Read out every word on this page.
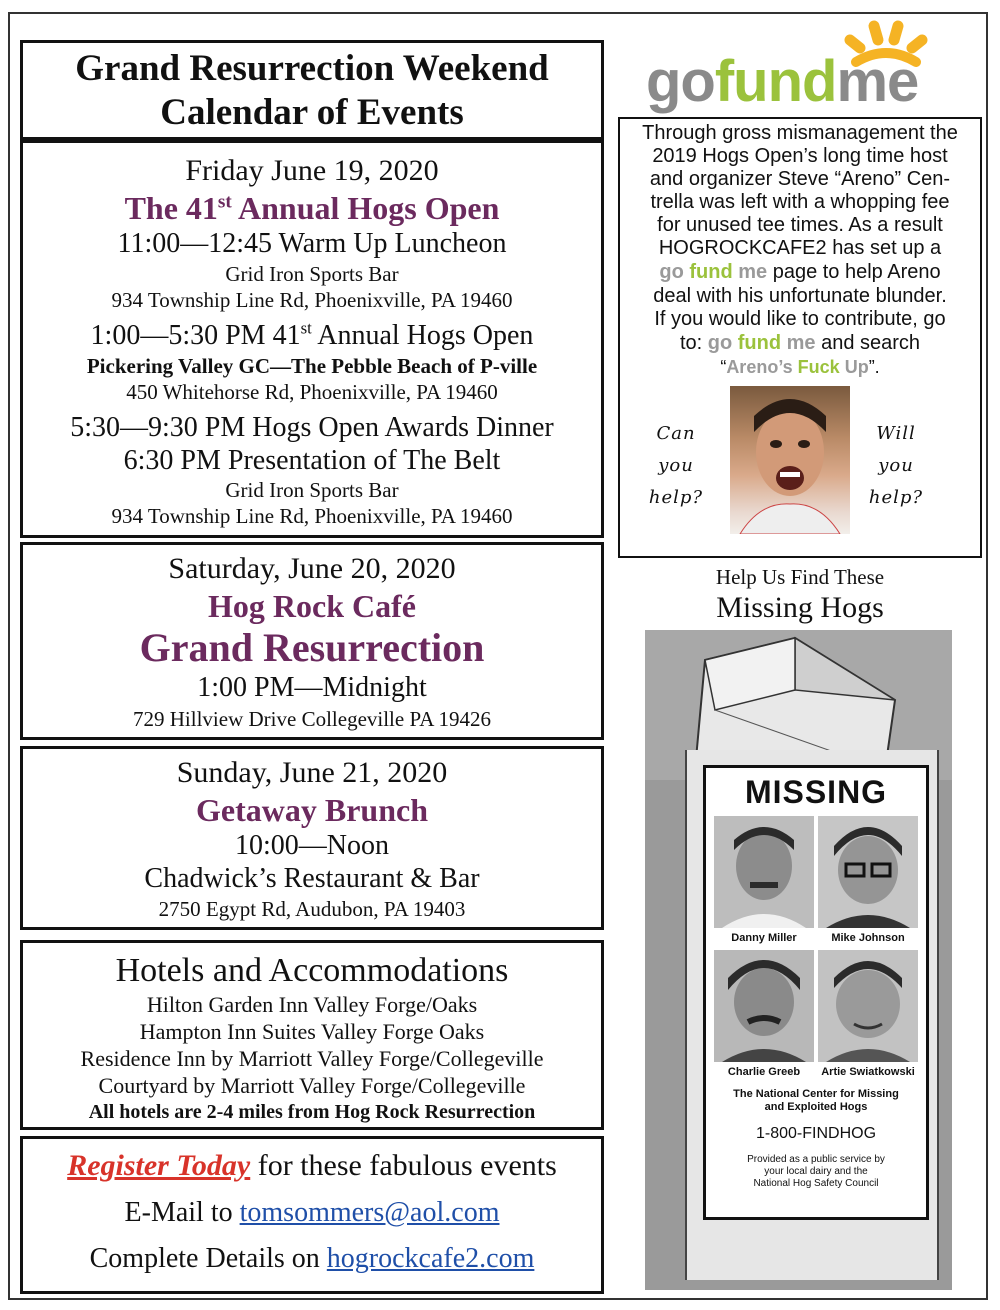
Grand Resurrection Weekend
Calendar of Events
Friday June 19, 2020
The 41st Annual Hogs Open
11:00—12:45 Warm Up Luncheon
Grid Iron Sports Bar
934 Township Line Rd, Phoenixville, PA 19460
1:00—5:30 PM 41st Annual Hogs Open
Pickering Valley GC—The Pebble Beach of P-ville
450 Whitehorse Rd, Phoenixville, PA 19460
5:30—9:30 PM Hogs Open Awards Dinner
6:30 PM Presentation of The Belt
Grid Iron Sports Bar
934 Township Line Rd, Phoenixville, PA 19460
Saturday, June 20, 2020
Hog Rock Café
Grand Resurrection
1:00 PM—Midnight
729 Hillview Drive Collegeville PA 19426
Sunday, June 21, 2020
Getaway Brunch
10:00—Noon
Chadwick’s Restaurant & Bar
2750 Egypt Rd, Audubon, PA 19403
Hotels and Accommodations
Hilton Garden Inn Valley Forge/Oaks
Hampton Inn Suites Valley Forge Oaks
Residence Inn by Marriott Valley Forge/Collegeville
Courtyard by Marriott Valley Forge/Collegeville
All hotels are 2-4 miles from Hog Rock Resurrection
Register Today for these fabulous events
E-Mail to tomsommers@aol.com
Complete Details on hogrockcafe2.com
gofundme
Through gross mismanagement the
2019 Hogs Open’s long time host
and organizer Steve “Areno” Cen-
trella was left with a whopping fee
for unused tee times. As a result
HOGROCKCAFE2 has set up a
go fund me page to help Areno
deal with his unfortunate blunder.
If you would like to contribute, go
to: go fund me and search
“Areno’s Fuck Up”.
Can
you
help?
Will
you
help?
Help Us Find These
Missing Hogs
MISSING
Danny Miller	Mike Johnson
Charlie Greeb	Artie Swiatkowski
The National Center for Missing
and Exploited Hogs
1-800-FINDHOG
Provided as a public service by
your local dairy and the
National Hog Safety Council
